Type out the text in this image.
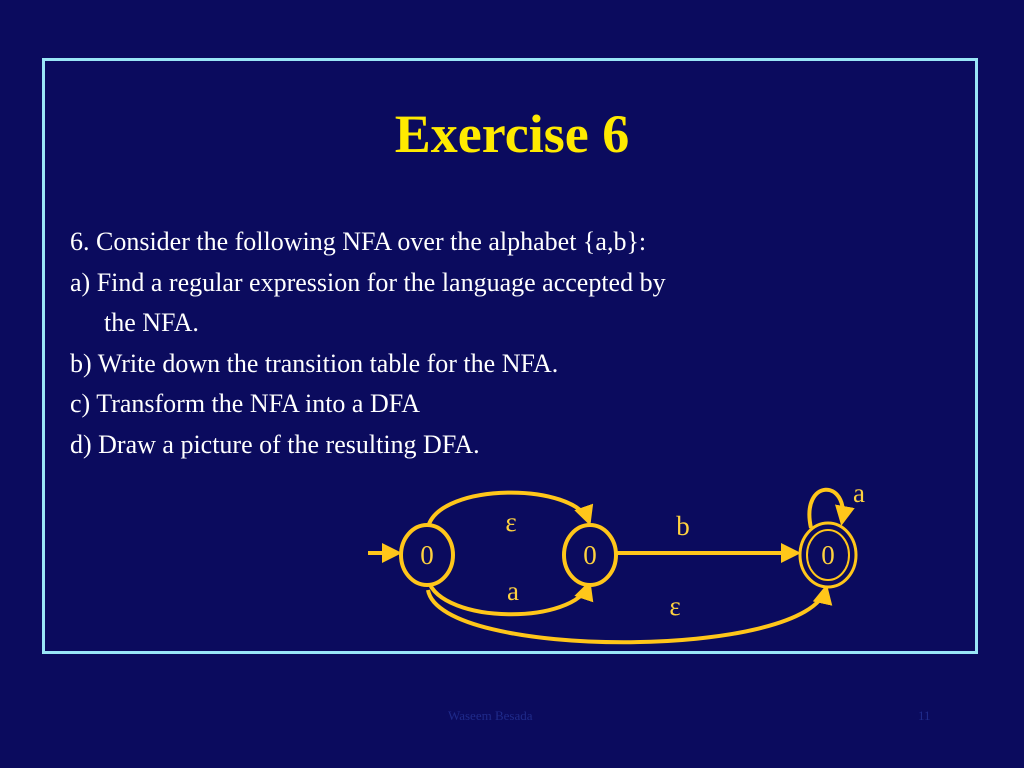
Exercise 6
6. Consider the following NFA over the alphabet {a,b}:
a) Find a regular expression for the language accepted by
the NFA.
b) Write down the transition table for the NFA.
c) Transform the NFA into a DFA
d) Draw a picture of the resulting DFA.
0	0	0
ε
a
b
ε
a
Waseem Besada	11
